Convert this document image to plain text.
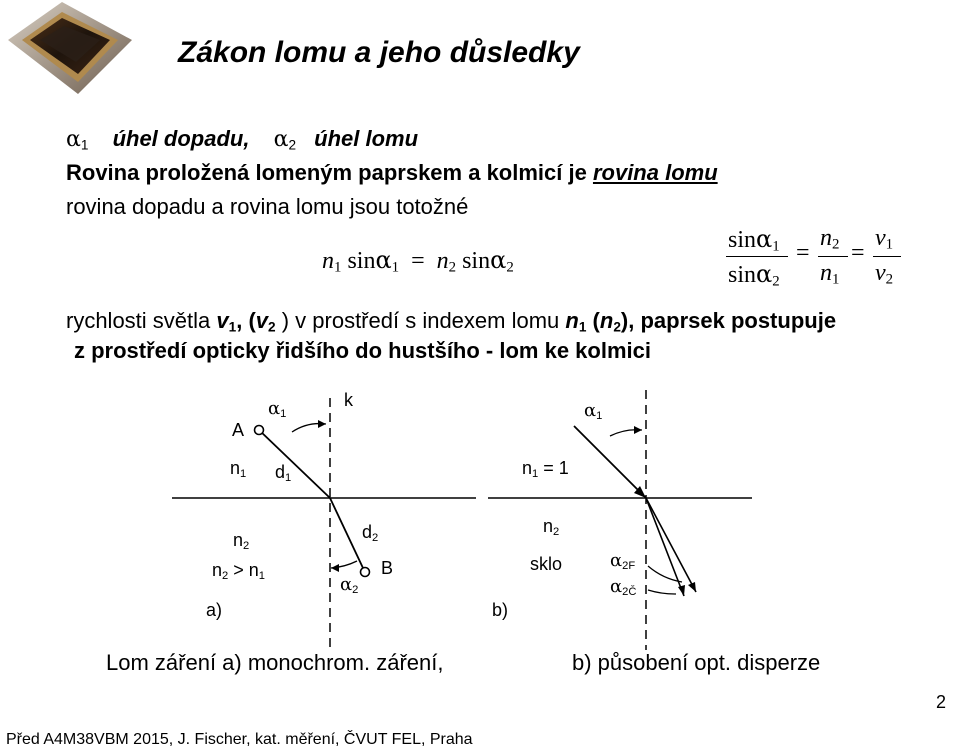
Zákon lomu a jeho důsledky
$\alpha_1$ úhel dopadu, $\alpha_2$ úhel lomu
Rovina proložená lomeným paprskem a kolmicí je rovina lomu
rovina dopadu a rovina lomu jsou totožné
$n_1$ $\sin\alpha_1 = n_2$ sinα$_2$
sinα$_1$
sinα$_2$
=
$n_2$
$n_1$
=
$v_1$
$v_2$
rychlosti světla $v_1$, ($v_2$ ) v prostředí s indexem lomu $n_1$ $(n_2)$, paprsek postupuje
z prostředí opticky řidšího do hustšího - lom ke kolmici
$\alpha_1$
k
A
$n_1$ $d_1$
$n_2$
$d_2$
$n_2 > n_1$	B
$\alpha_2$
a)
$\alpha_1$
$n_1 = 1$
$n_2$
sklo	$\alpha_{2F}$
$\alpha_{2Č}$
b)
Lom záření a) monochrom. záření,	b) působení opt. disperze
2
Před A4M38VBM 2015, J. Fischer, kat. měření, ČVUT FEL, Praha
